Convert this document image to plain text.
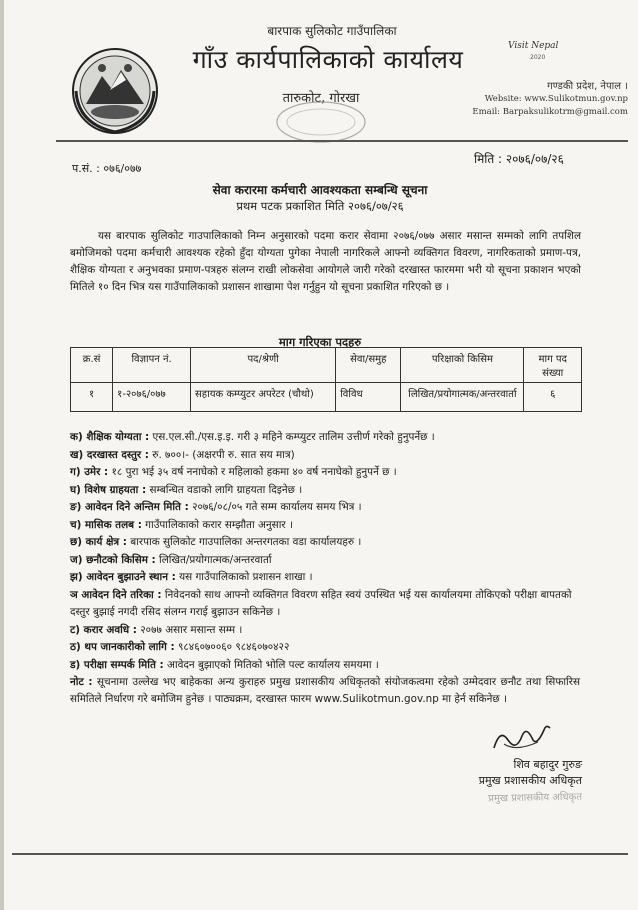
बारपाक सुलिकोट गाउँपालिका
गाँउ कार्यपालिकाको कार्यालय
तारुकोट, गोरखा
Visit Nepal
2020
गण्डकी प्रदेश, नेपाल ।
Website: www.Sulikotmun.gov.np
Email: Barpaksulikotrm@gmail.com
प.सं. : ०७६/०७७
मिति : २०७६/०७/२६
सेवा करारमा कर्मचारी आवश्यकता सम्बन्धि सूचना
प्रथम पटक प्रकाशित मिति २०७६/०७/२६
यस बारपाक सुलिकोट गाउपालिकाको निम्न अनुसारको पदमा करार सेवामा २०७६/०७७ असार मसान्त सम्मको लागि तपशिल बमोजिमको पदमा कर्मचारी आवश्यक रहेको हुँदा योग्यता पुगेका नेपाली नागरिकले आफ्नो व्यक्तिगत विवरण, नागरिकताको प्रमाण-पत्र, शैक्षिक योग्यता र अनुभवका प्रमाण-पत्रहरु संलग्न राखी लोकसेवा आयोगले जारी गरेको दरखास्त फारममा भरी यो सूचना प्रकाशन भएको मितिले १० दिन भित्र यस गाउँपालिकाको प्रशासन शाखामा पेश गर्नुहुन यो सूचना प्रकाशित गरिएको छ ।
माग गरिएका पदहरु
क्र.सं	विज्ञापन नं.	पद/श्रेणी	सेवा/समुह	परिक्षाको किसिम	माग पद संख्या
१	१-२०७६/०७७	सहायक कम्प्युटर अपरेटर (चौथो)	विविध	लिखित/प्रयोगात्मक/अन्तरवार्ता	६
क) शैक्षिक योग्यता : एस.एल.सी./एस.इ.इ. गरी ३ महिने कम्प्युटर तालिम उत्तीर्ण गरेको हुनुपर्नेछ ।
ख) दरखास्त दस्तुर : रु. ७००।- (अक्षरपी रु. सात सय मात्र)
ग) उमेर : १८ पुरा भई ३५ वर्ष ननाघेको र महिलाको हकमा ४० वर्ष ननाघेको हुनुपर्ने छ ।
घ) विशेष ग्राहयता : सम्बन्धित वडाको लागि ग्राहयता दिइनेछ ।
ङ) आवेदन दिने अन्तिम मिति : २०७६/०८/०५ गते सम्म कार्यालय समय भित्र ।
च) मासिक तलब : गाउँपालिकाको करार सम्झौता अनुसार ।
छ) कार्य क्षेत्र : बारपाक सुलिकोट गाउपालिका अन्तरगतका वडा कार्यालयहरु ।
ज) छनौटको किसिम : लिखित/प्रयोगात्मक/अन्तरवार्ता
झ) आवेदन बुझाउने स्थान : यस गाउँपालिकाको प्रशासन शाखा ।
ञ आवेदन दिने तरिका : निवेदनको साथ आफ्नो व्यक्तिगत विवरण सहित स्वयं उपस्थित भई यस कार्यालयमा तोकिएको परीक्षा बापतको दस्तुर बुझाई नगदी रसिद संलग्न गराई बुझाउन सकिनेछ ।
ट) करार अवधि : २०७७ असार मसान्त सम्म ।
ठ) थप जानकारीको लागि : ९८४६०७००६० ९८४६०७०४२२
ड) परीक्षा सम्पर्क मिति : आवेदन बुझाएको मितिको भोलि पल्ट कार्यालय समयमा ।
नोट : सूचनामा उल्लेख भए बाहेकका अन्य कुराहरु प्रमुख प्रशासकीय अधिकृतको संयोजकत्वमा रहेको उम्मेदवार छनौट तथा सिफारिस समितिले निर्धारण गरे बमोजिम हुनेछ । पाठ्यक्रम, दरखास्त फारम www.Sulikotmun.gov.np मा हेर्न सकिनेछ ।
शिव बहादुर गुरुङ
प्रमुख प्रशासकीय अधिकृत
प्रमुख प्रशासकीय अधिकृत
